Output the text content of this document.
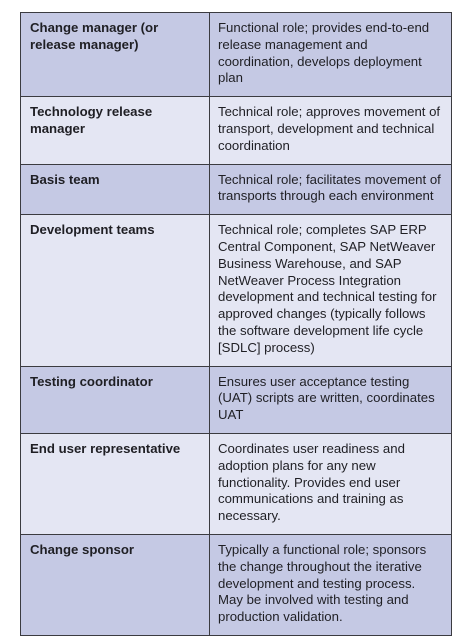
Change manager (or release manager)	Functional role; provides end-to-end release management and coordination, develops deployment plan
Technology release manager	Technical role; approves movement of transport, development and technical coordination
Basis team	Technical role; facilitates movement of transports through each environment
Development teams	Technical role; completes SAP ERP Central Component, SAP NetWeaver Business Warehouse, and SAP NetWeaver Process Integration development and technical testing for approved changes (typically follows the software development life cycle [SDLC] process)
Testing coordinator	Ensures user acceptance testing (UAT) scripts are written, coordinates UAT
End user representative	Coordinates user readiness and adoption plans for any new functionality. Provides end user communications and training as necessary.
Change sponsor	Typically a functional role; sponsors the change throughout the iterative development and testing process. May be involved with testing and production validation.
